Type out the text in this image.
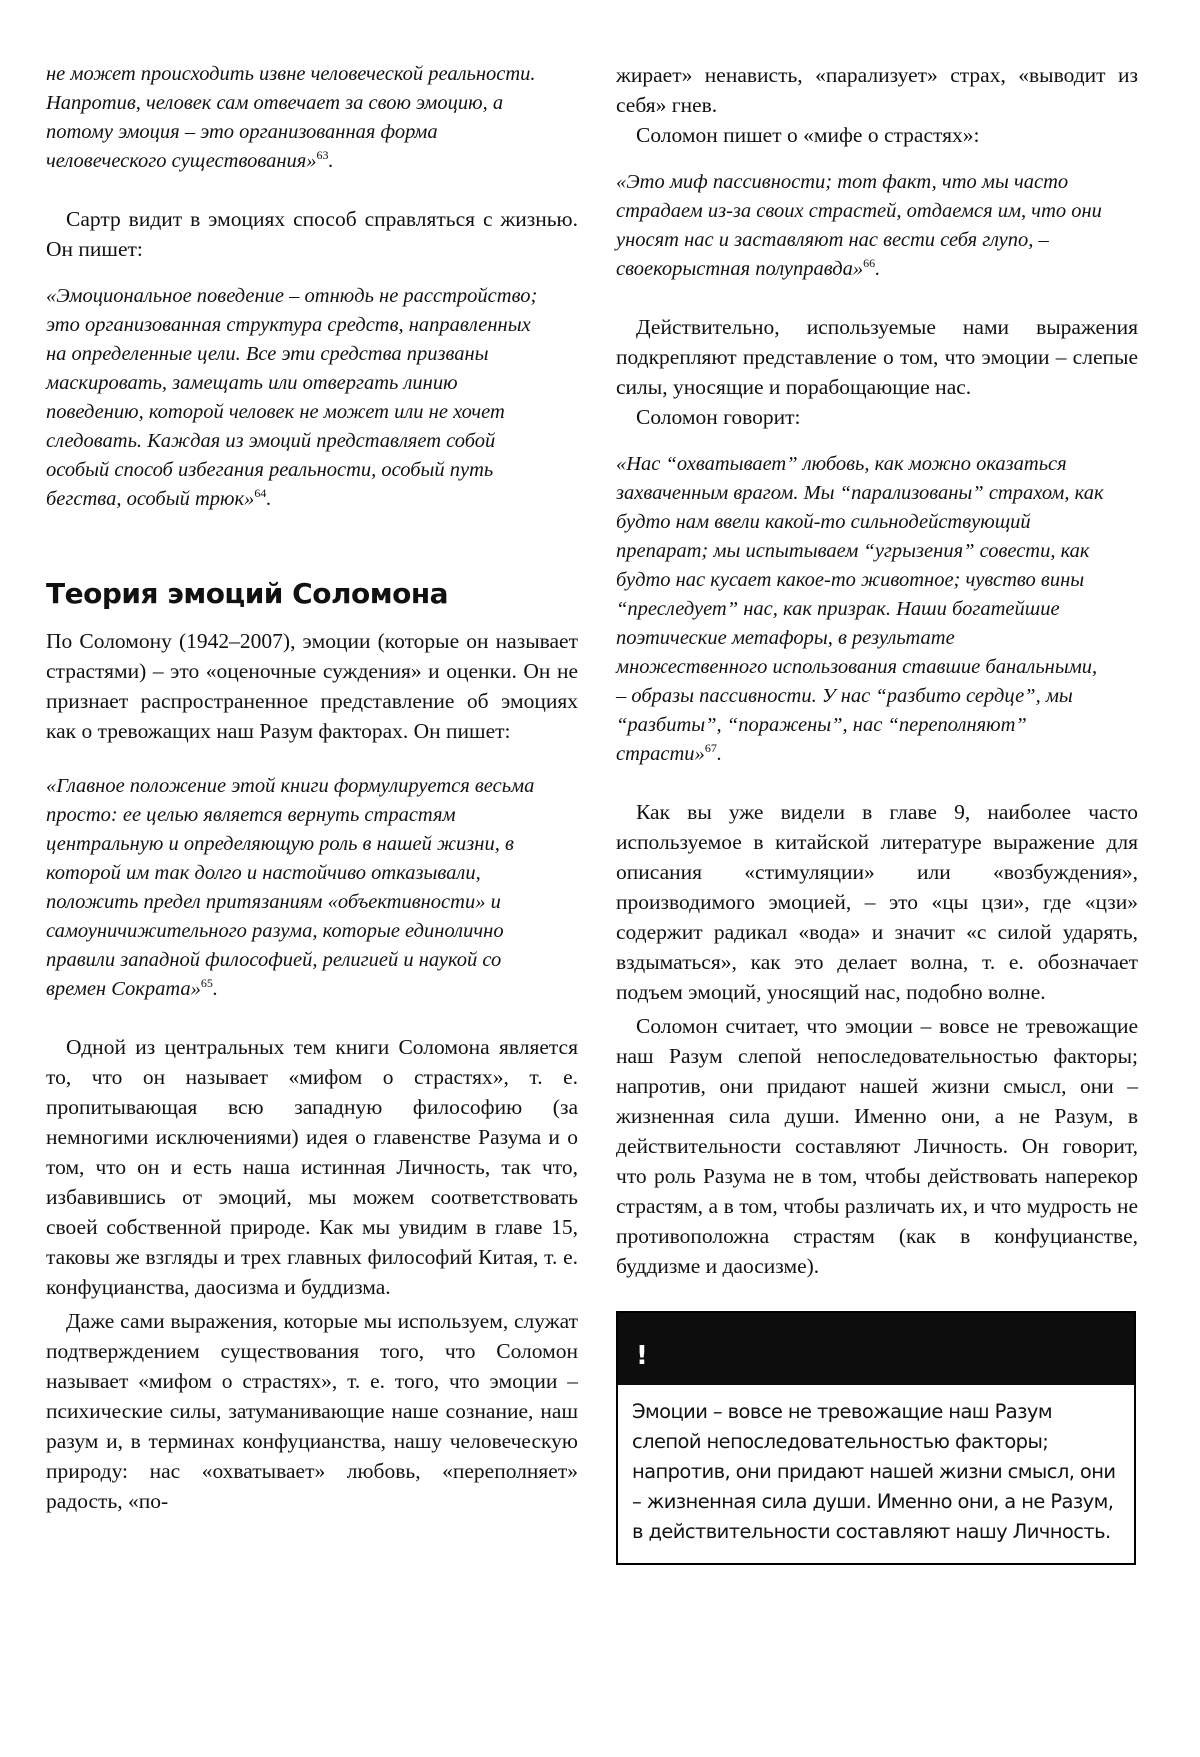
не может происходить извне человеческой реальности. Напротив, человек сам отвечает за свою эмоцию, а потому эмоция – это организованная форма человеческого существования»$^{63}$.

Сартр видит в эмоциях способ справляться с жизнью. Он пишет:

«Эмоциональное поведение – отнюдь не расстройство; это организованная структура средств, направленных на определенные цели. Все эти средства призваны маскировать, замещать или отвергать линию поведению, которой человек не может или не хочет следовать. Каждая из эмоций представляет собой особый способ избегания реальности, особый путь бегства, особый трюк»$^{64}$.
Теория эмоций Соломона

По Соломону (1942–2007), эмоции (которые он называет страстями) – это «оценочные суждения» и оценки. Он не признает распространенное представление об эмоциях как о тревожащих наш Разум факторах. Он пишет:

«Главное положение этой книги формулируется весьма просто: ее целью является вернуть страстям центральную и определяющую роль в нашей жизни, в которой им так долго и настойчиво отказывали, положить предел притязаниям «объективности» и самоуничижительного разума, которые единолично правили западной философией, религией и наукой со времен Сократа»$^{65}$.

Одной из центральных тем книги Соломона является то, что он называет «мифом о страстях», т. е. пропитывающая всю западную философию (за немногими исключениями) идея о главенстве Разума и о том, что он и есть наша истинная Личность, так что, избавившись от эмоций, мы можем соответствовать своей собственной природе. Как мы увидим в главе 15, таковы же взгляды и трех главных философий Китая, т. е. конфуцианства, даосизма и буддизма.

Даже сами выражения, которые мы используем, служат подтверждением существования того, что Соломон называет «мифом о страстях», т. е. того, что эмоции – психические силы, затуманивающие наше сознание, наш разум и, в терминах конфуцианства, нашу человеческую природу: нас «охватывает» любовь, «переполняет» радость, «по-

жирает» ненависть, «парализует» страх, «выводит из себя» гнев.

Соломон пишет о «мифе о страстях»:

«Это миф пассивности; тот факт, что мы часто страдаем из-за своих страстей, отдаемся им, что они уносят нас и заставляют нас вести себя глупо, – своекорыстная полуправда»$^{66}$.

Действительно, используемые нами выражения подкрепляют представление о том, что эмоции – слепые силы, уносящие и порабощающие нас.

Соломон говорит:

«Нас “охватывает” любовь, как можно оказаться захваченным врагом. Мы “парализованы” страхом, как будто нам ввели какой-то сильнодействующий препарат; мы испытываем “угрызения” совести, как будто нас кусает какое-то животное; чувство вины “преследует” нас, как призрак. Наши богатейшие поэтические метафоры, в результате множественного использования ставшие банальными, – образы пассивности. У нас “разбито сердце”, мы “разбиты”, “поражены”, нас “переполняют” страсти»$^{67}$.

Как вы уже видели в главе 9, наиболее часто используемое в китайской литературе выражение для описания «стимуляции» или «возбуждения», производимого эмоцией, – это «цы цзи», где «цзи» содержит радикал «вода» и значит «с силой ударять, вздыматься», как это делает волна, т. е. обозначает подъем эмоций, уносящий нас, подобно волне.

Соломон считает, что эмоции – вовсе не тревожащие наш Разум слепой непоследовательностью факторы; напротив, они придают нашей жизни смысл, они – жизненная сила души. Именно они, а не Разум, в действительности составляют Личность. Он говорит, что роль Разума не в том, чтобы действовать наперекор страстям, а в том, чтобы различать их, и что мудрость не противоположна страстям (как в конфуцианстве, буддизме и даосизме).

!
Эмоции – вовсе не тревожащие наш Разум слепой непоследовательностью факторы; напротив, они придают нашей жизни смысл, они – жизненная сила души. Именно они, а не Разум, в действительности составляют нашу Личность.
